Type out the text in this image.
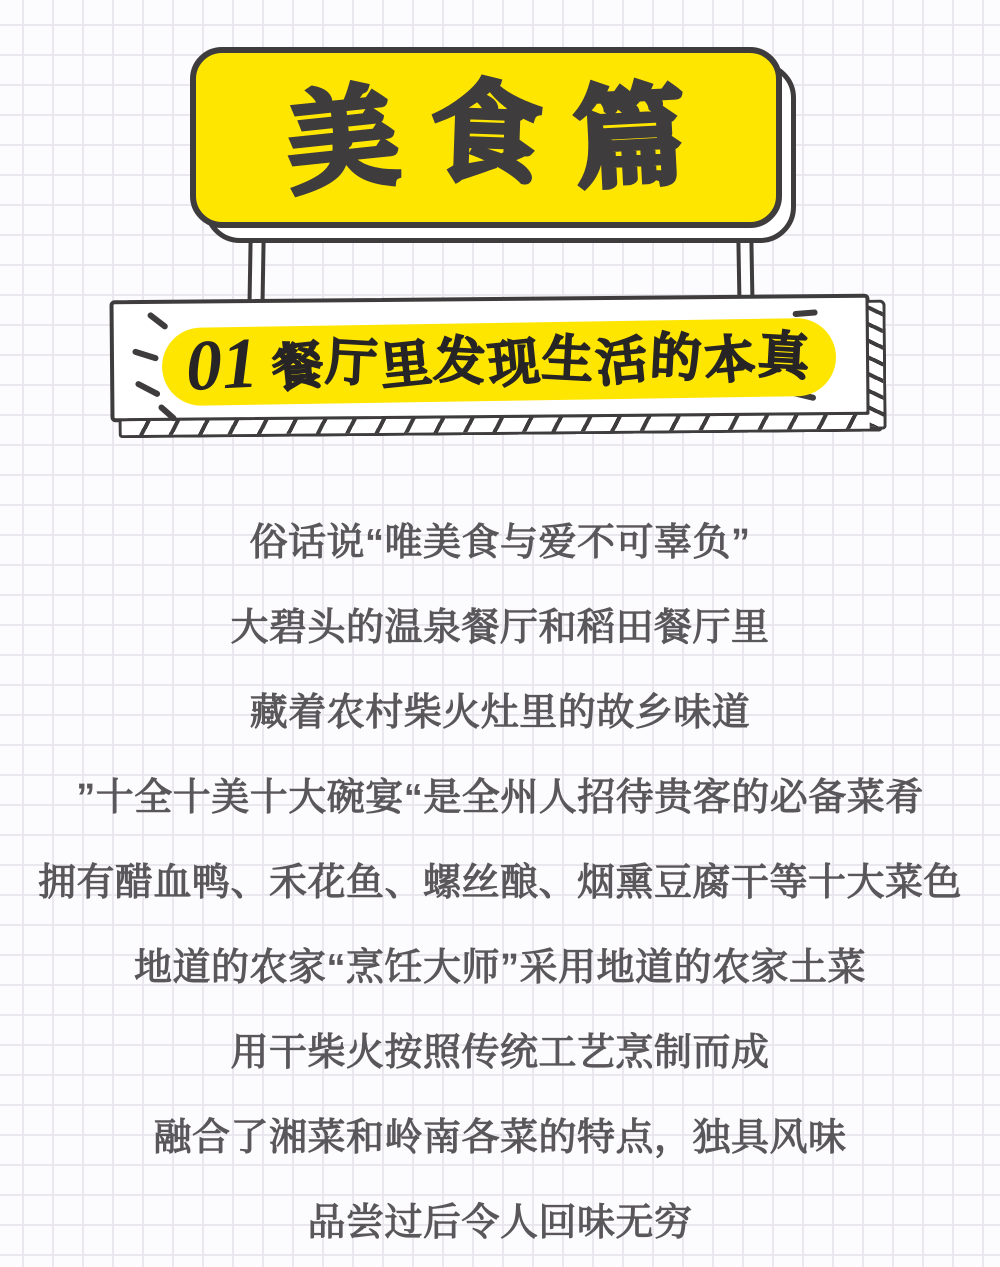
美食篇
01 餐厅里发现生活的本真
俗话说“唯美食与爱不可辜负”
大碧头的温泉餐厅和稻田餐厅里
藏着农村柴火灶里的故乡味道
”十全十美十大碗宴“是全州人招待贵客的必备菜肴
拥有醋血鸭、禾花鱼、螺丝酿、烟熏豆腐干等十大菜色
地道的农家“烹饪大师”采用地道的农家土菜
用干柴火按照传统工艺烹制而成
融合了湘菜和岭南各菜的特点，独具风味
品尝过后令人回味无穷
